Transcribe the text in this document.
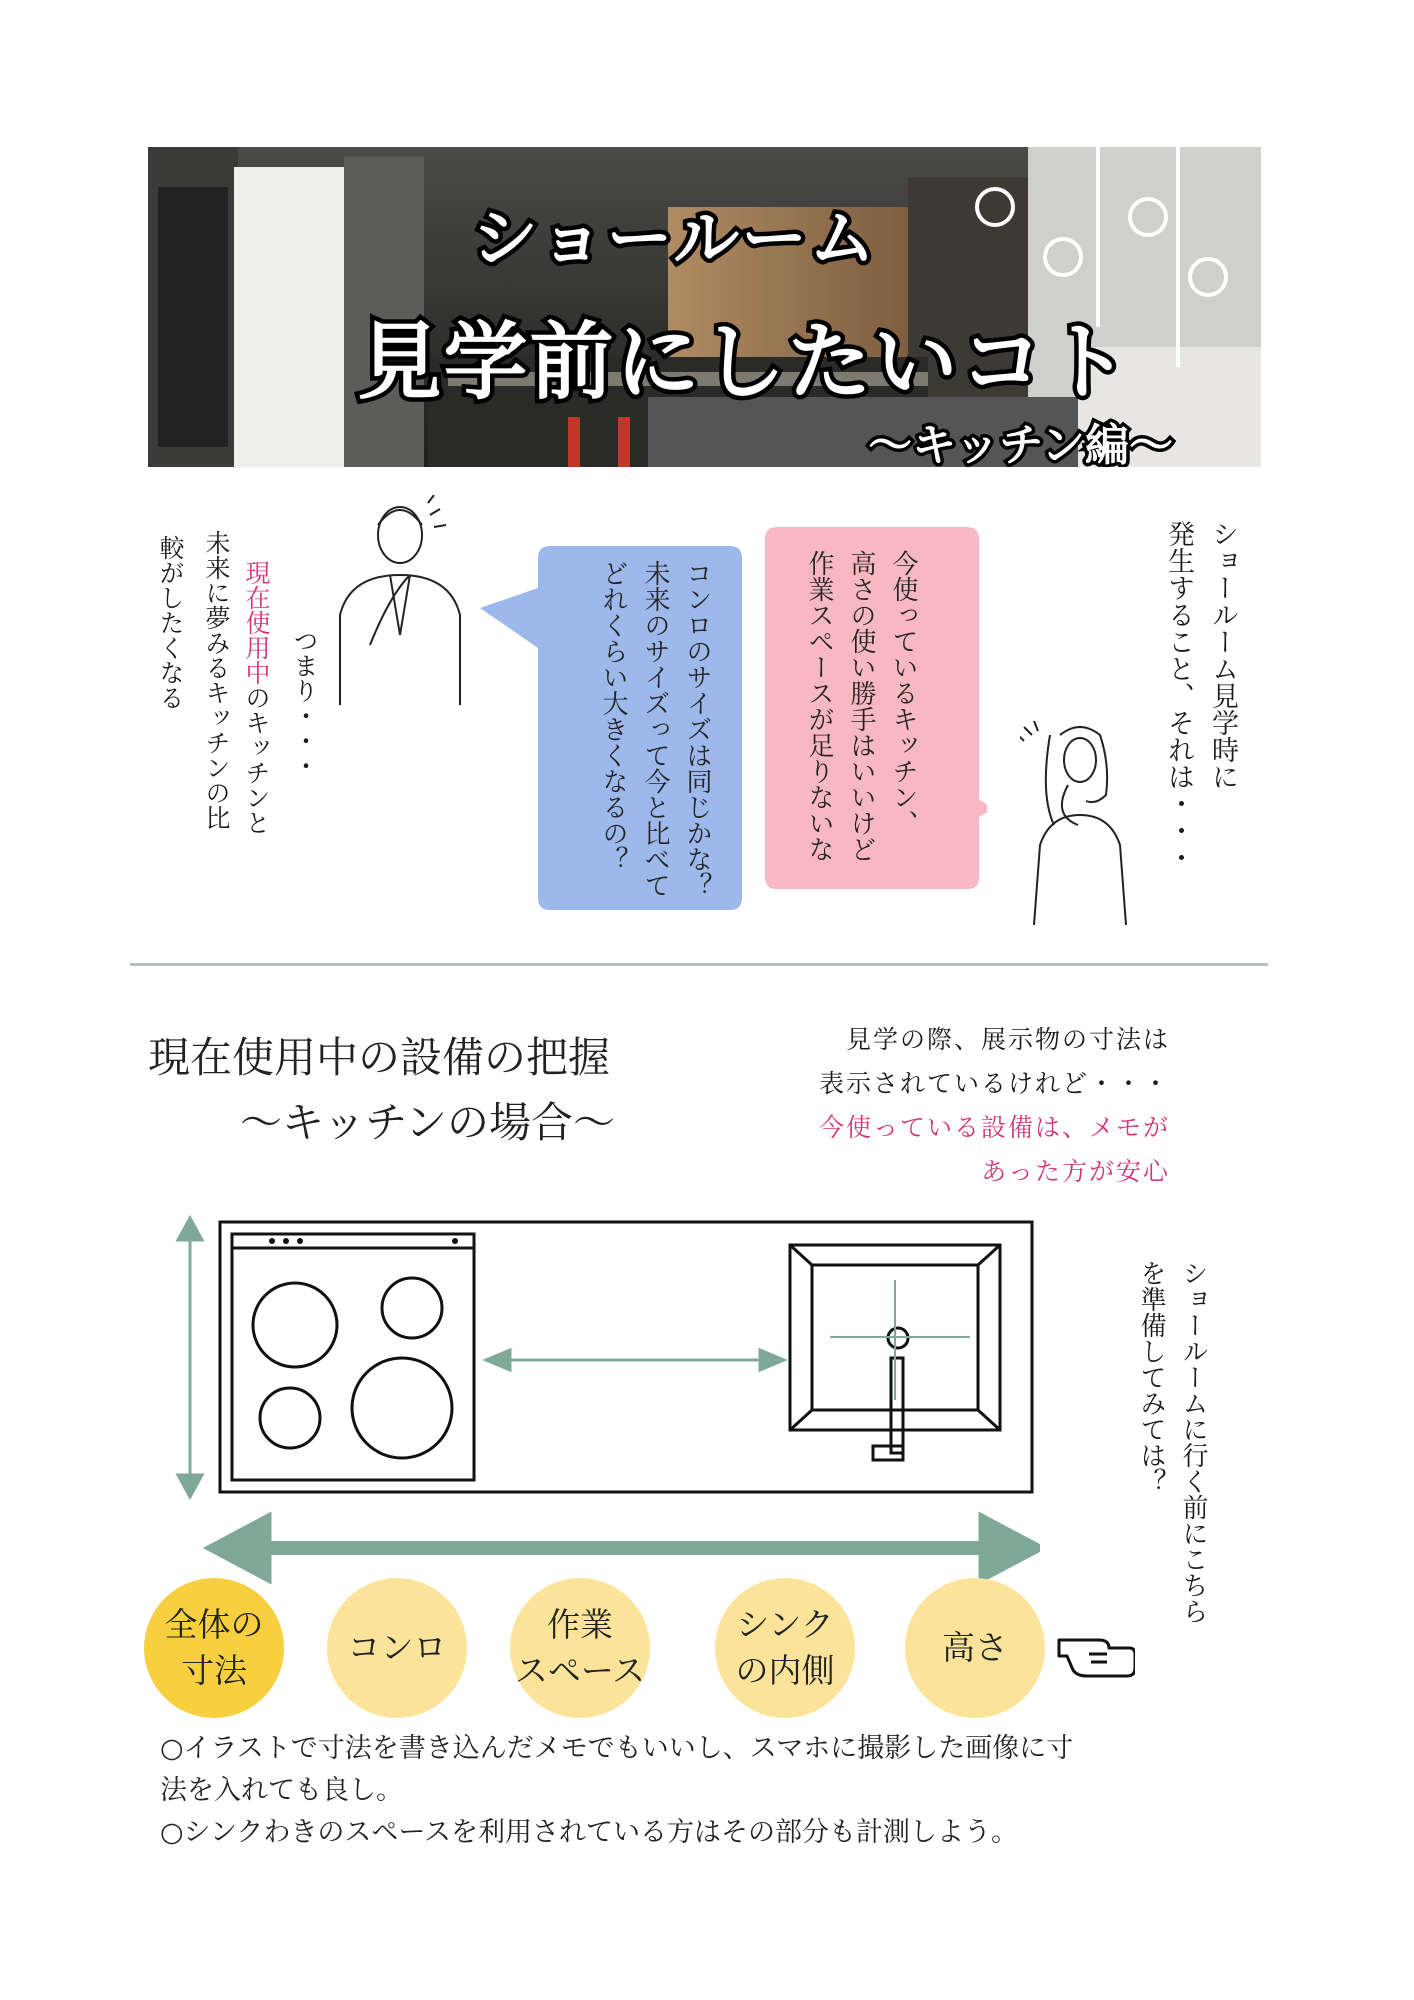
ショールーム
見学前にしたいコト
〜キッチン編〜
ショールーム見学時に
発生すること、それは・・・
今使っているキッチン、
高さの使い勝手はいいけど
作業スペースが足りないな
コンロのサイズは同じかな？
未来のサイズって今と比べて
どれくらい大きくなるの？
つまり・・・
現在使用中のキッチンと
未来に夢みるキッチンの比
較がしたくなる
現在使用中の設備の把握
〜キッチンの場合〜
見学の際、展示物の寸法は
表示されているけれど・・・
今使っている設備は、メモが
あった方が安心
ショールームに行く前にこちら
を準備してみては？
全体の
寸法
コンロ
作業
スペース
シンク
の内側
高さ
○イラストで寸法を書き込んだメモでもいいし、スマホに撮影した画像に寸
法を入れても良し。
○シンクわきのスペースを利用されている方はその部分も計測しよう。
